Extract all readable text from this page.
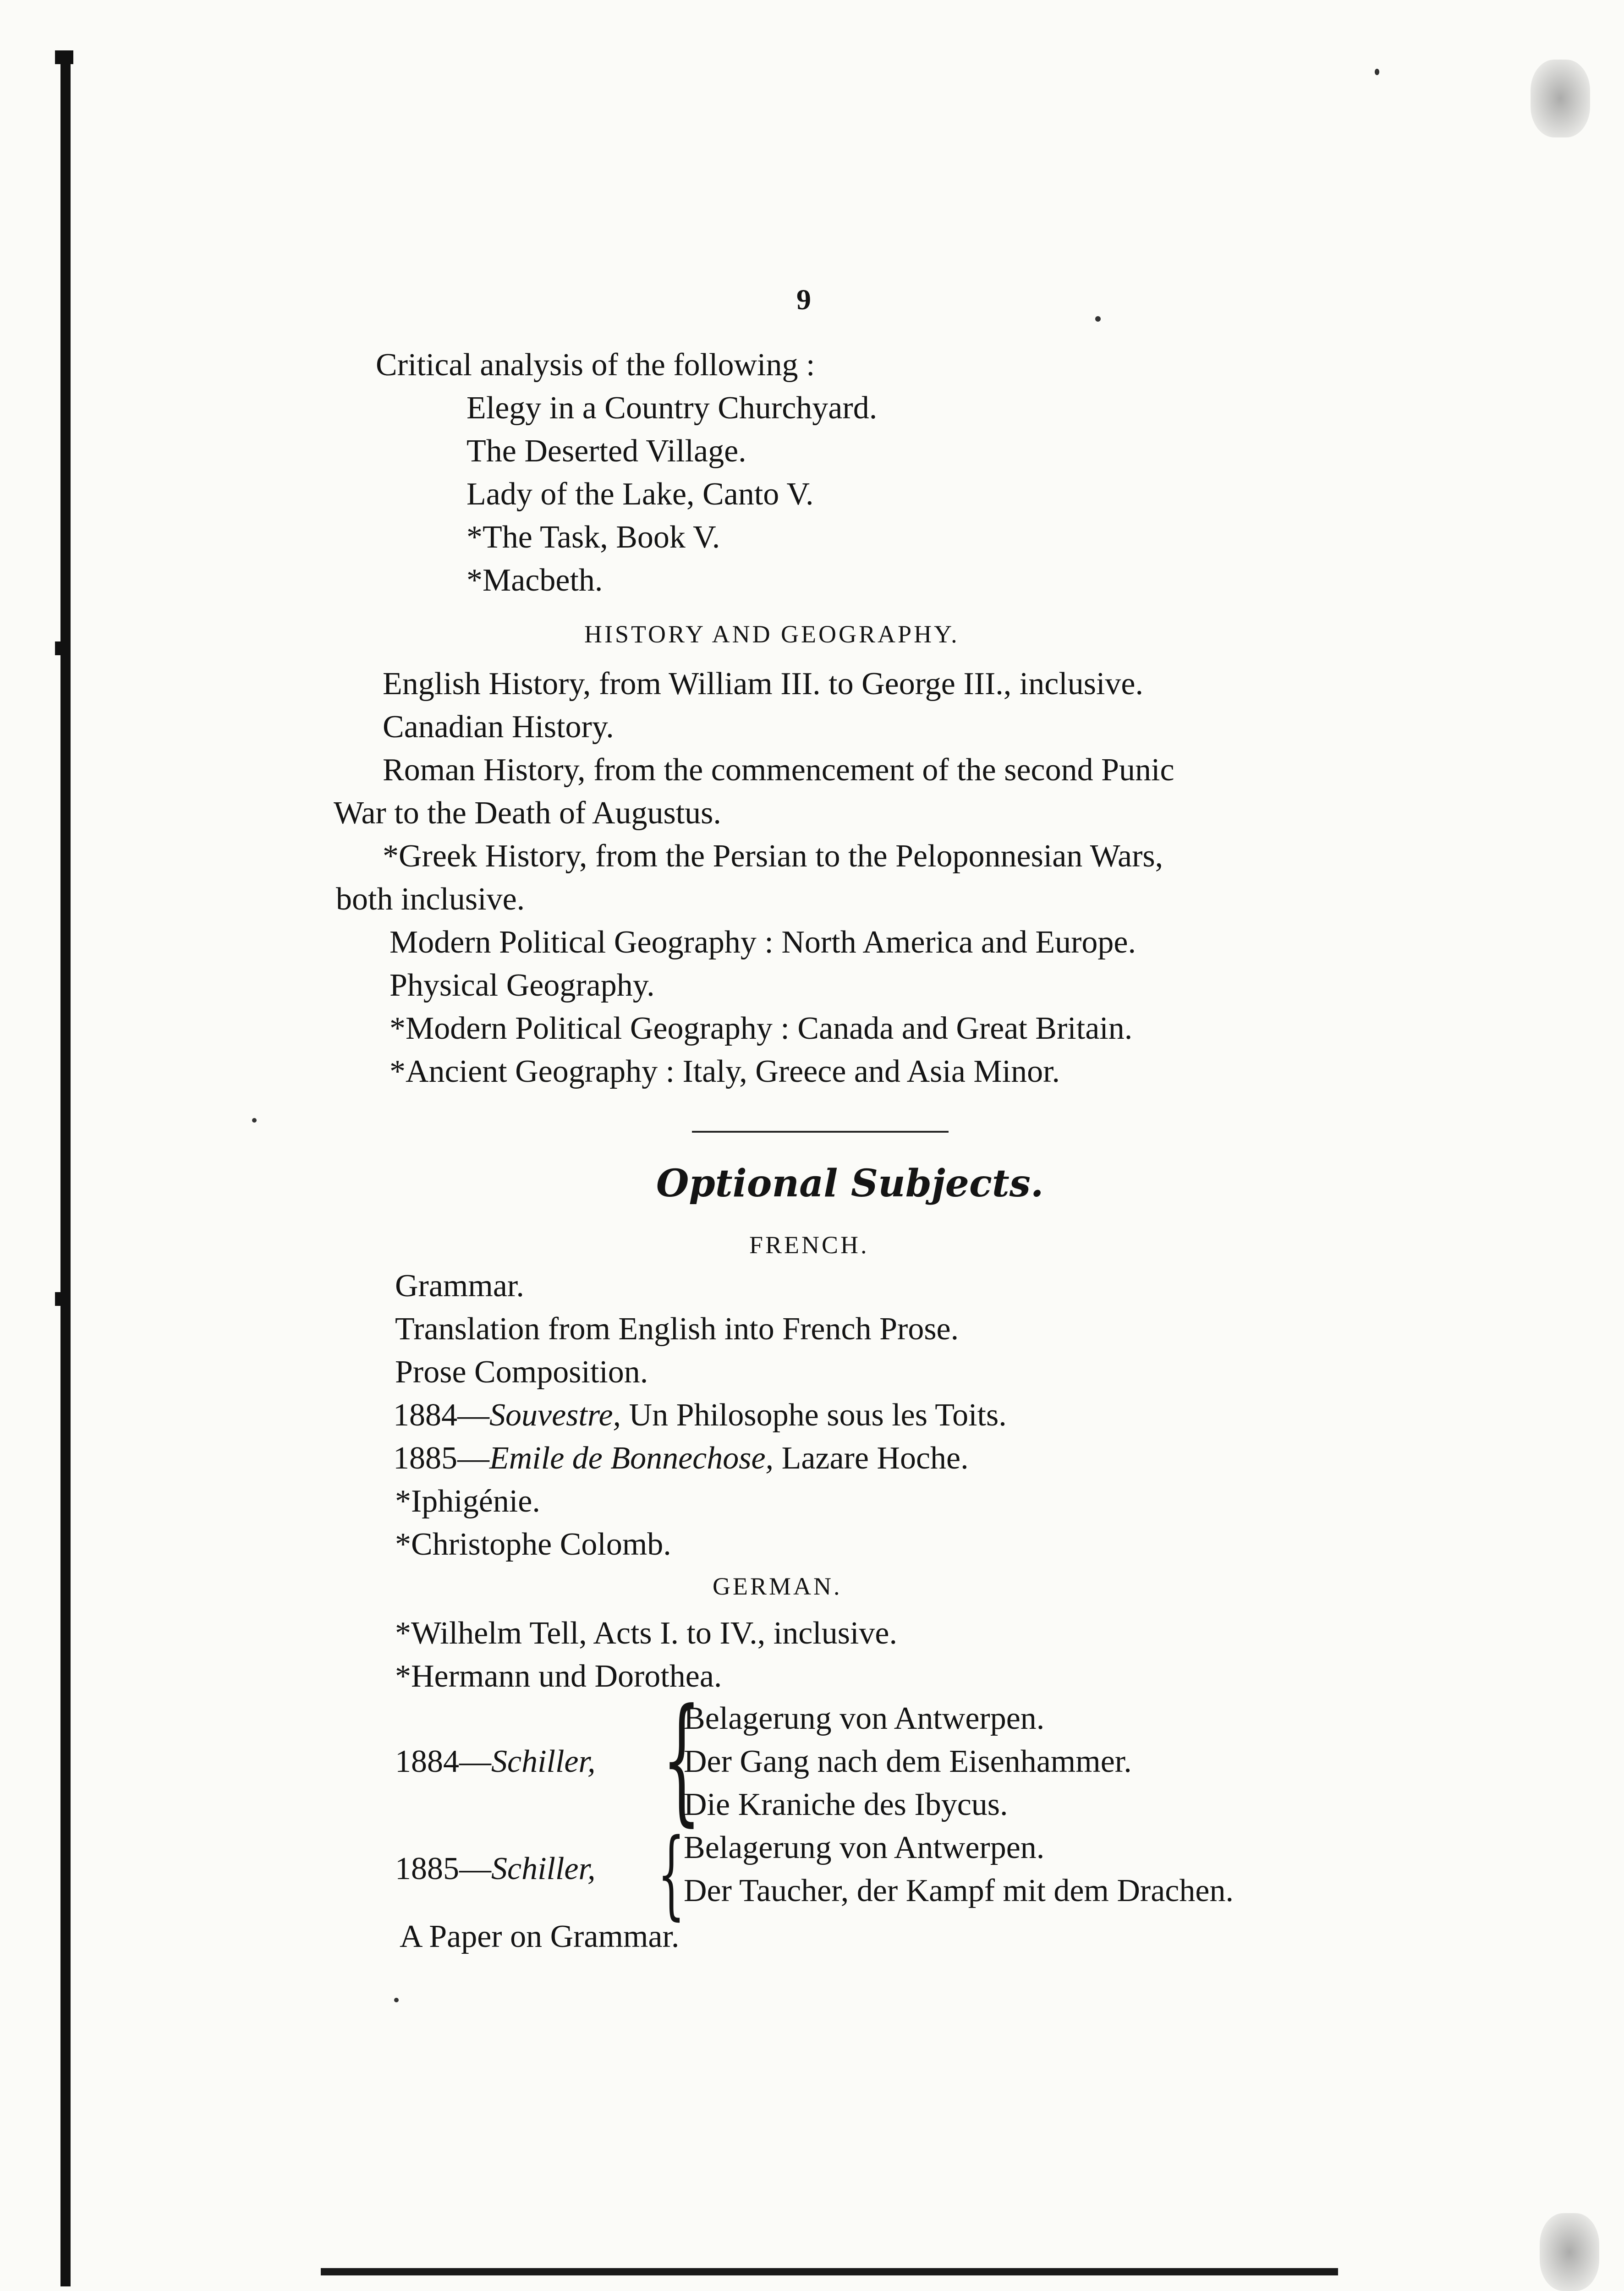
9
Critical analysis of the following :
Elegy in a Country Churchyard.
The Deserted Village.
Lady of the Lake, Canto V.
*The Task, Book V.
*Macbeth.
HISTORY AND GEOGRAPHY.
English History, from William III. to George III., inclusive.
Canadian History.
Roman History, from the commencement of the second Punic
War to the Death of Augustus.
*Greek History, from the Persian to the Peloponnesian Wars,
both inclusive.
Modern Political Geography : North America and Europe.
Physical Geography.
*Modern Political Geography : Canada and Great Britain.
*Ancient Geography : Italy, Greece and Asia Minor.
Optional Subjects.
FRENCH.
Grammar.
Translation from English into French Prose.
Prose Composition.
1884—Souvestre, Un Philosophe sous les Toits.
1885—Emile de Bonnechose, Lazare Hoche.
*Iphigénie.
*Christophe Colomb.
GERMAN.
*Wilhelm Tell, Acts I. to IV., inclusive.
*Hermann und Dorothea.
1884—Schiller, {
Belagerung von Antwerpen.
Der Gang nach dem Eisenhammer.
Die Kraniche des Ibycus.
1885—Schiller, {
Belagerung von Antwerpen.
Der Taucher, der Kampf mit dem Drachen.
A Paper on Grammar.
